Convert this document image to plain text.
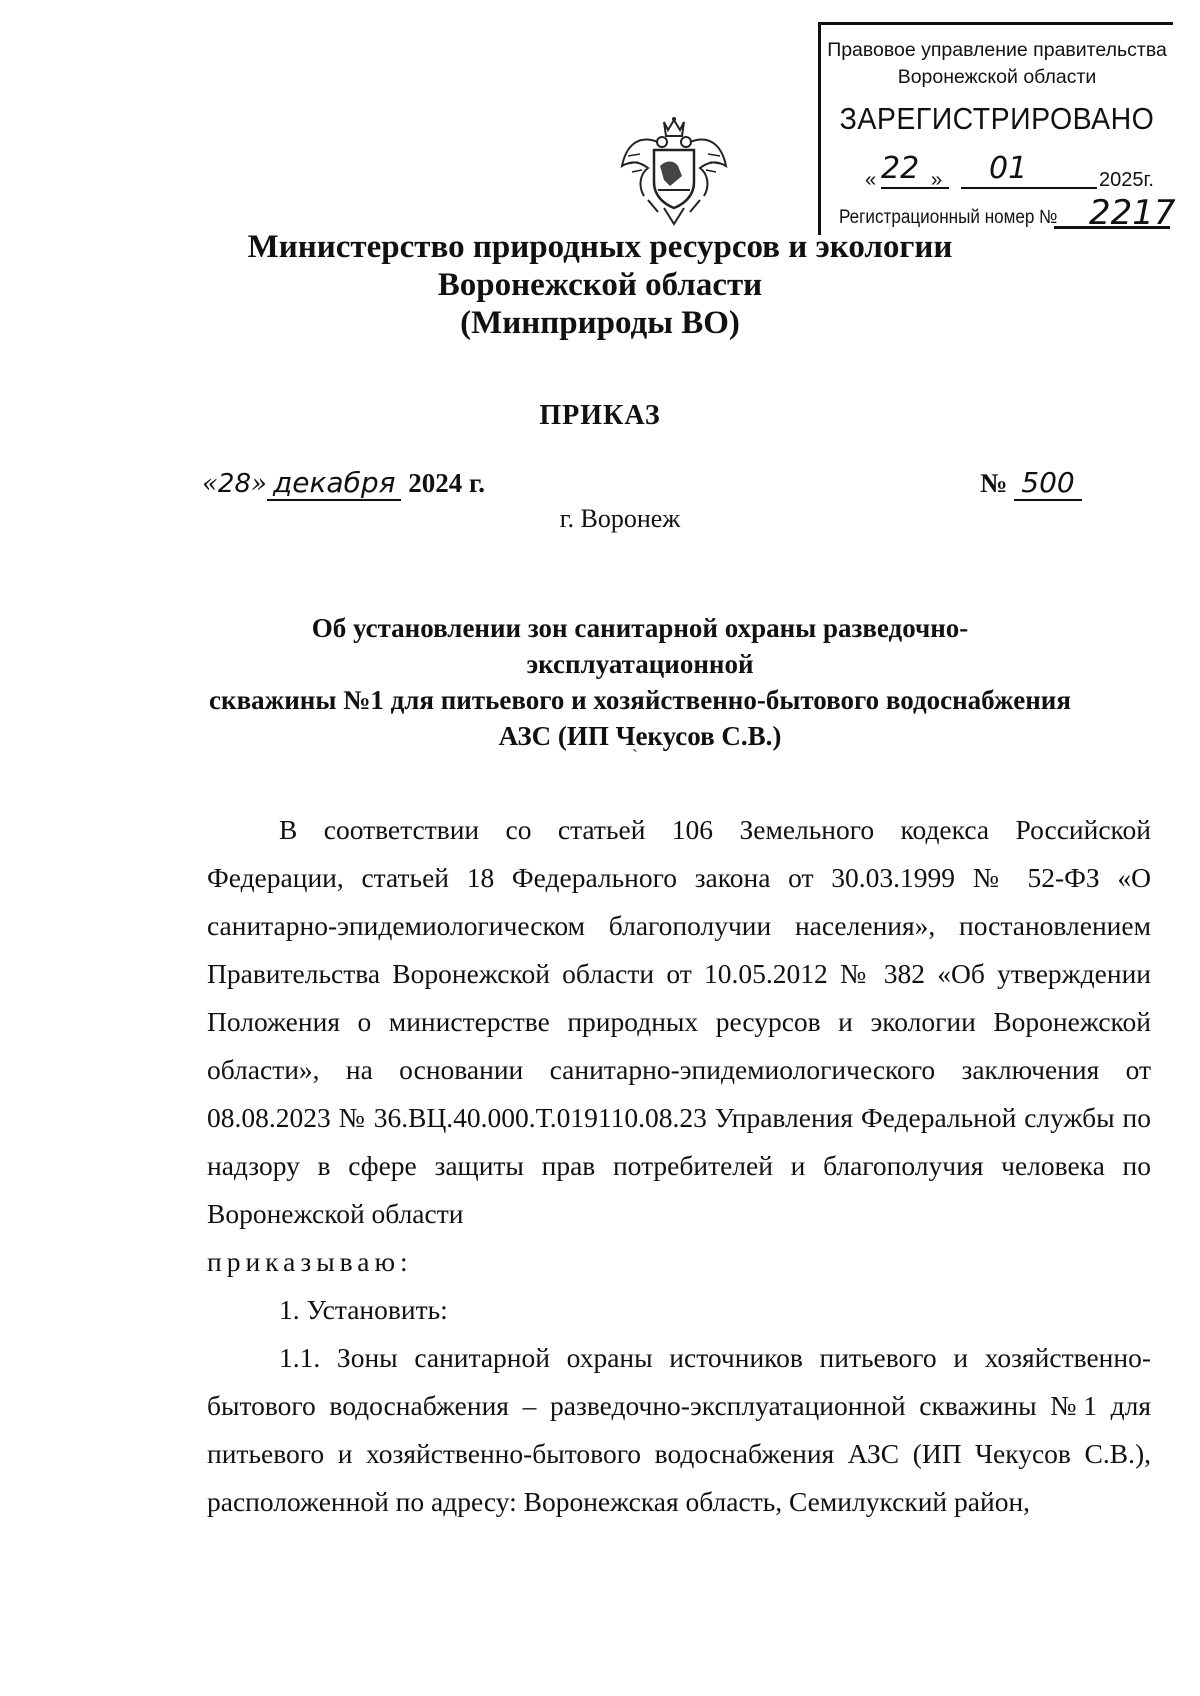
Правовое управление правительства
Воронежской области
ЗАРЕГИСТРИРОВАНО
« 22 » 01	2025г.
Регистрационный номер № 2217
Министерство природных ресурсов и экологии
Воронежской области
(Минприроды ВО)
ПРИКАЗ
«28» декабря 2024 г.	№ 500
г. Воронеж
Об установлении зон санитарной охраны разведочно-эксплуатационной
скважины №1 для питьевого и хозяйственно-бытового водоснабжения
АЗС (ИП Чекусов С.В.)
ˋ

В соответствии со статьей 106 Земельного кодекса Российской Федерации, статьей 18 Федерального закона от 30.03.1999 № 52-ФЗ «О санитарно-эпидемиологическом благополучии населения», постановлением Правительства Воронежской области от 10.05.2012 № 382 «Об утверждении Положения о министерстве природных ресурсов и экологии Воронежской области», на основании санитарно-эпидемиологического заключения от 08.08.2023 № 36.ВЦ.40.000.Т.019110.08.23 Управления Федеральной службы по надзору в сфере защиты прав потребителей и благополучия человека по Воронежской области

приказываю:

1. Установить:

1.1. Зоны санитарной охраны источников питьевого и хозяйственно-бытового водоснабжения – разведочно-эксплуатационной скважины №1 для питьевого и хозяйственно-бытового водоснабжения АЗС (ИП Чекусов С.В.), расположенной по адресу: Воронежская область, Семилукский район,
